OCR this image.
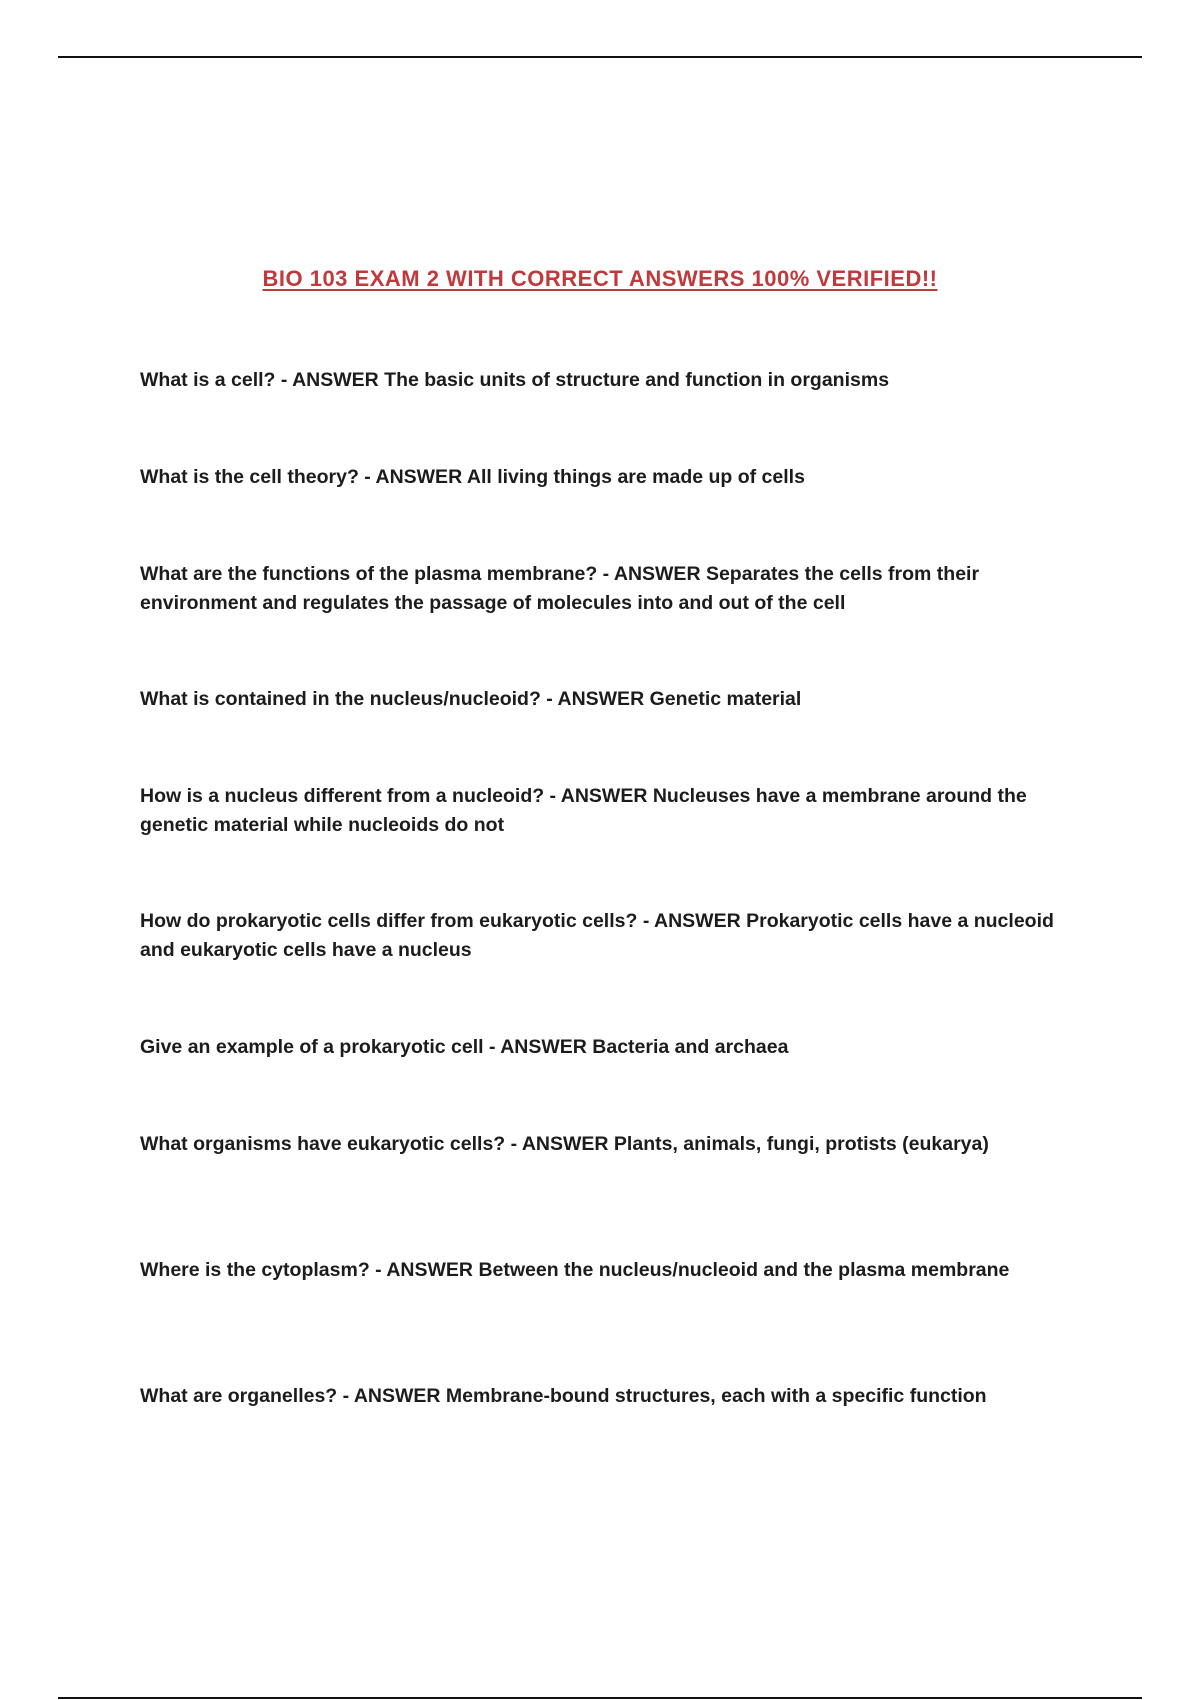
BIO 103 EXAM 2 WITH CORRECT ANSWERS 100% VERIFIED!!
What is a cell? - ANSWER The basic units of structure and function in organisms
What is the cell theory? - ANSWER All living things are made up of cells
What are the functions of the plasma membrane? - ANSWER Separates the cells from their environment and regulates the passage of molecules into and out of the cell
What is contained in the nucleus/nucleoid? - ANSWER Genetic material
How is a nucleus different from a nucleoid? - ANSWER Nucleuses have a membrane around the genetic material while nucleoids do not
How do prokaryotic cells differ from eukaryotic cells? - ANSWER Prokaryotic cells have a nucleoid and eukaryotic cells have a nucleus
Give an example of a prokaryotic cell - ANSWER Bacteria and archaea
What organisms have eukaryotic cells? - ANSWER Plants, animals, fungi, protists (eukarya)
Where is the cytoplasm? - ANSWER Between the nucleus/nucleoid and the plasma membrane
What are organelles? - ANSWER Membrane-bound structures, each with a specific function
